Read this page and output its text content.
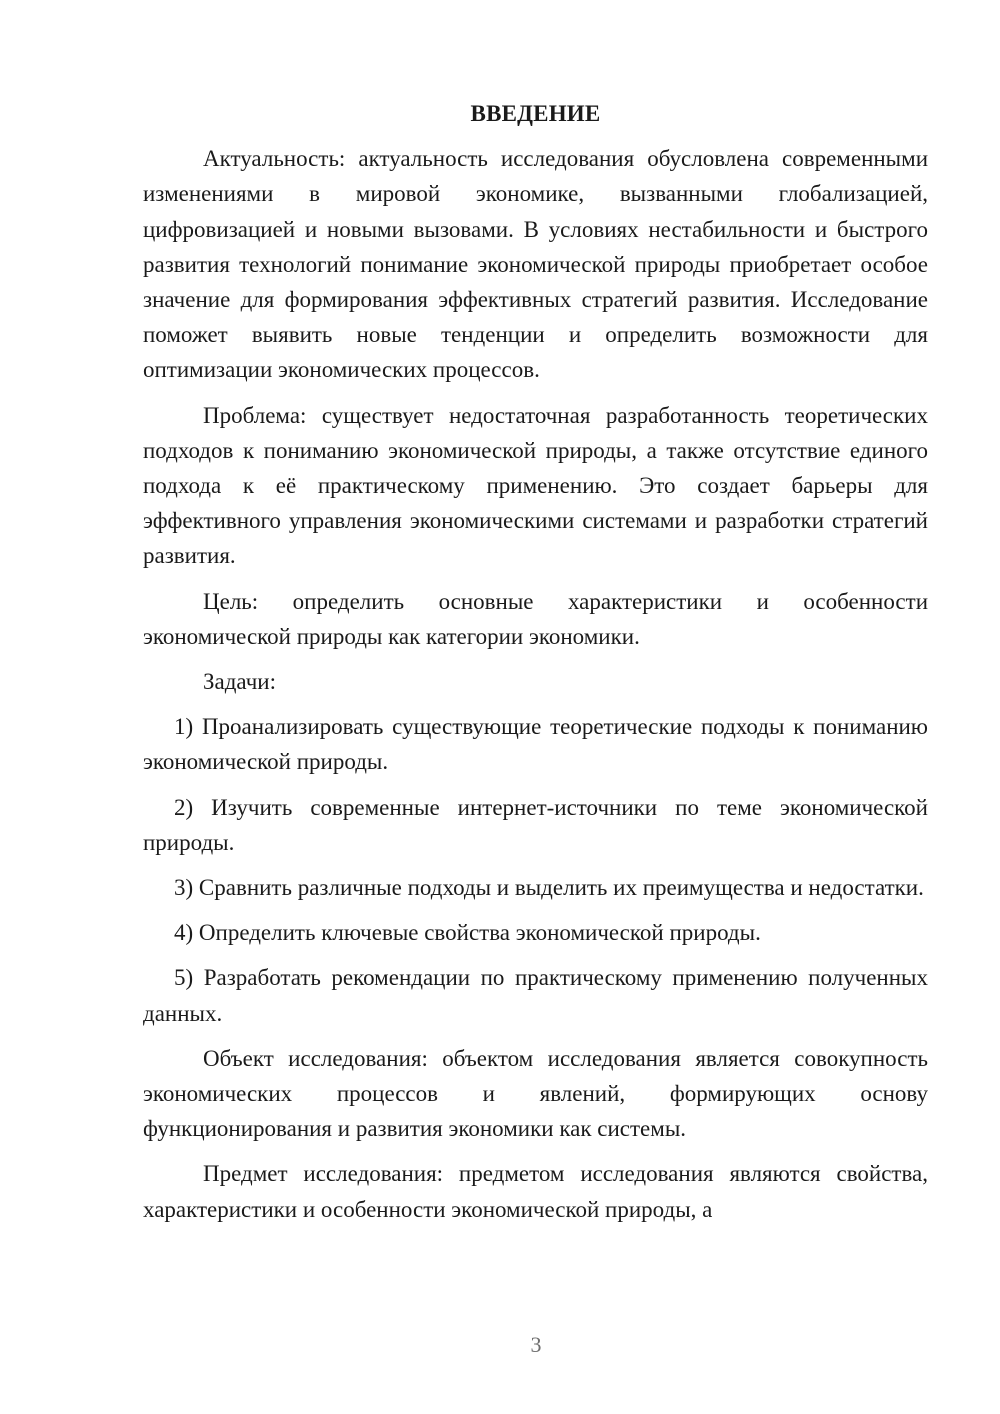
ВВЕДЕНИЕ

Актуальность: актуальность исследования обусловлена современными изменениями в мировой экономике, вызванными глобализацией, цифровизацией и новыми вызовами. В условиях нестабильности и быстрого развития технологий понимание экономической природы приобретает особое значение для формирования эффективных стратегий развития. Исследование поможет выявить новые тенденции и определить возможности для оптимизации экономических процессов.

Проблема: существует недостаточная разработанность теоретических подходов к пониманию экономической природы, а также отсутствие единого подхода к её практическому применению. Это создает барьеры для эффективного управления экономическими системами и разработки стратегий развития.

Цель: определить основные характеристики и особенности экономической природы как категории экономики.

Задачи:

1) Проанализировать существующие теоретические подходы к пониманию экономической природы.

2) Изучить современные интернет-источники по теме экономической природы.

3) Сравнить различные подходы и выделить их преимущества и недостатки.

4) Определить ключевые свойства экономической природы.

5) Разработать рекомендации по практическому применению полученных данных.

Объект исследования: объектом исследования является совокупность экономических процессов и явлений, формирующих основу функционирования и развития экономики как системы.

Предмет исследования: предметом исследования являются свойства, характеристики и особенности экономической природы, а

3
